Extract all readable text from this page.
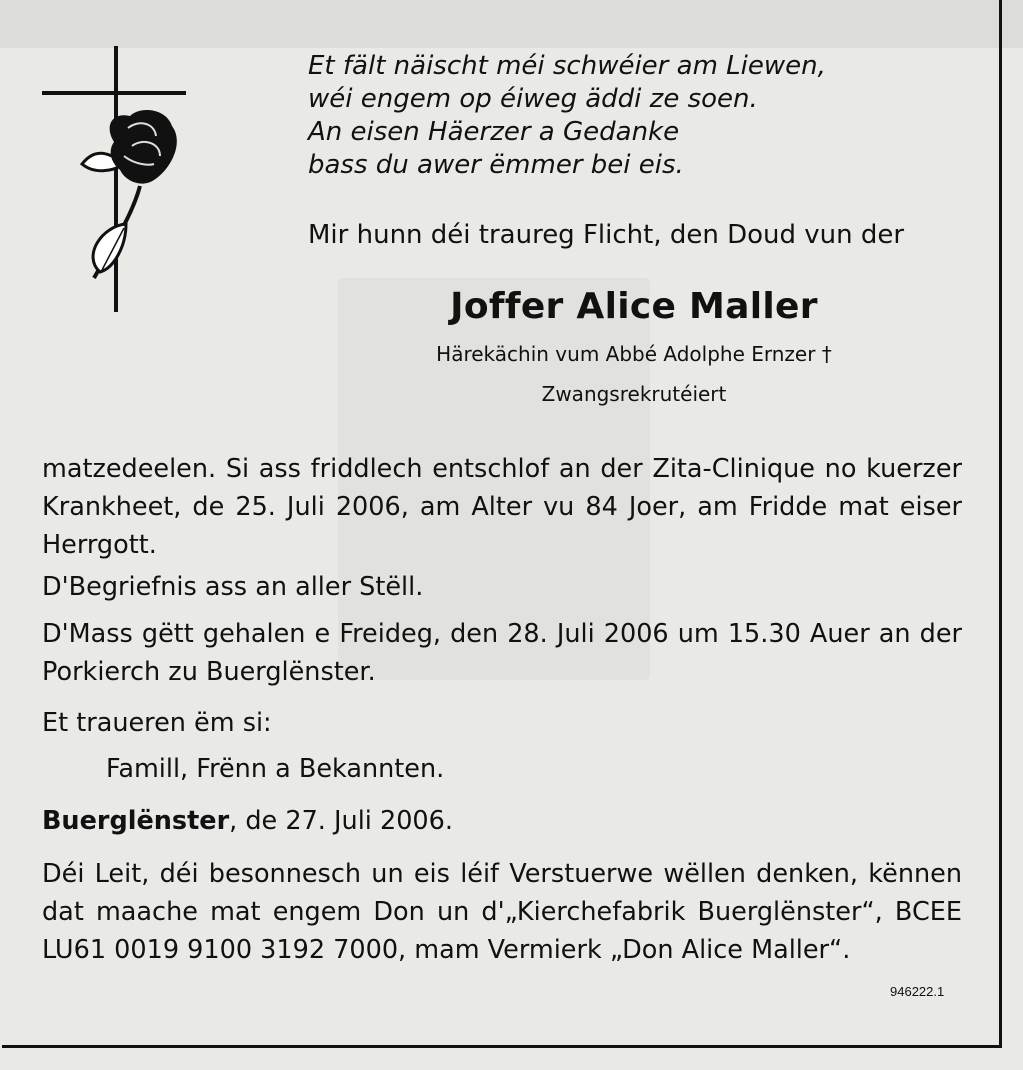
Et fält näischt méi schwéier am Liewen,
wéi engem op éiweg äddi ze soen.
An eisen Häerzer a Gedanke
bass du awer ëmmer bei eis.
Mir hunn déi traureg Flicht, den Doud vun der
Joffer Alice Maller
Härekächin vum Abbé Adolphe Ernzer †
Zwangsrekrutéiert
matzedeelen. Si ass friddlech entschlof an der Zita-Clinique no kuerzer Krankheet, de 25. Juli 2006, am Alter vu 84 Joer, am Fridde mat eiser Herrgott.
D'Begriefnis ass an aller Stëll.
D'Mass gëtt gehalen e Freideg, den 28. Juli 2006 um 15.30 Auer an der Porkierch zu Buerglënster.
Et traueren ëm si:
Famill, Frënn a Bekannten.
Buerglënster, de 27. Juli 2006.
Déi Leit, déi besonnesch un eis léif Verstuerwe wëllen denken, kënnen dat maache mat engem Don un d'„Kierchefabrik Buerglënster“, BCEE LU61 0019 9100 3192 7000, mam Vermierk „Don Alice Maller“.
946222.1
